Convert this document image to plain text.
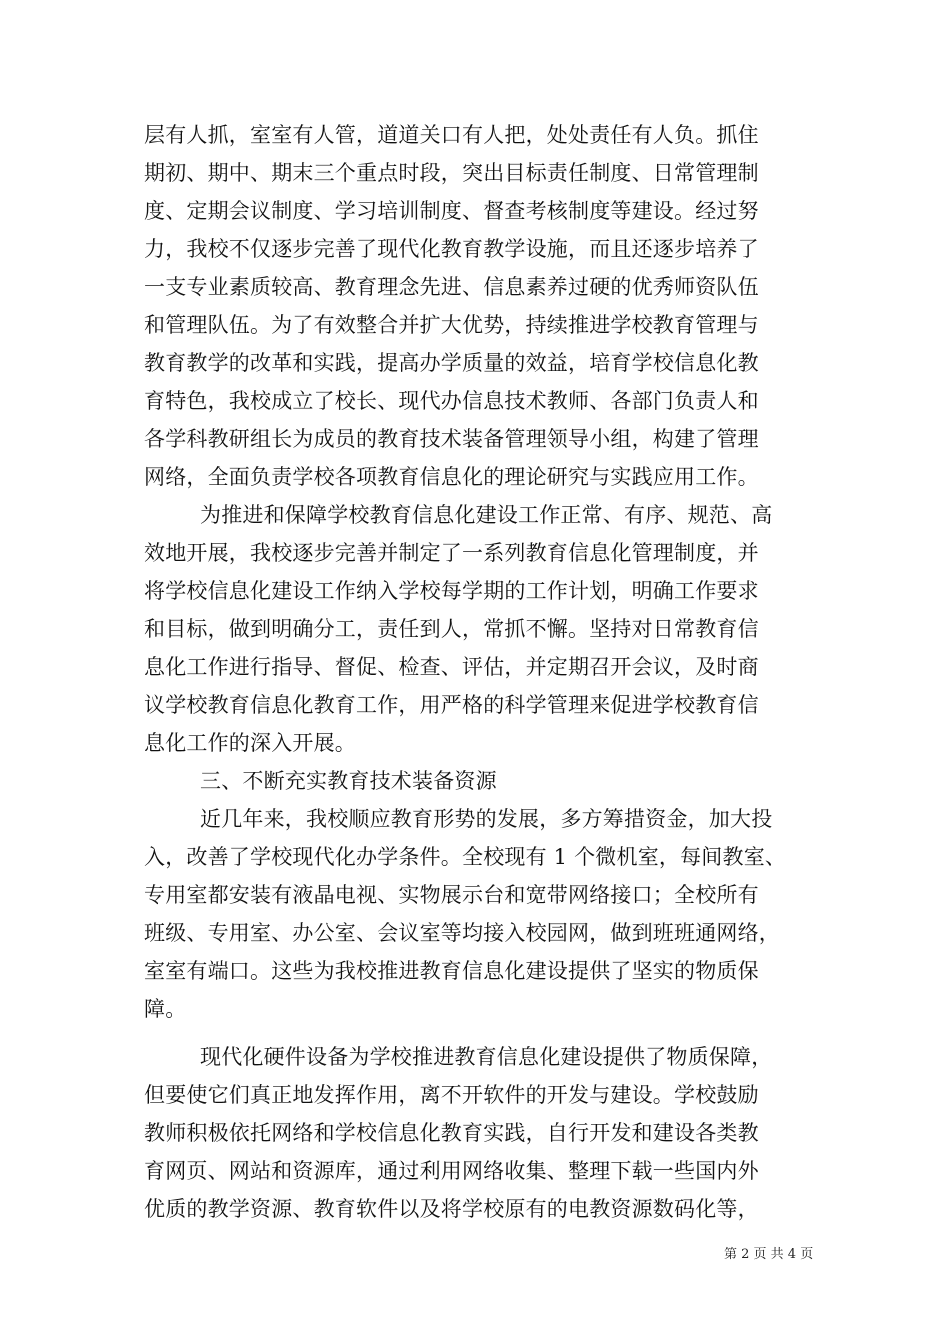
层有人抓，室室有人管，道道关口有人把，处处责任有人负。抓住
期初、期中、期末三个重点时段，突出目标责任制度、日常管理制
度、定期会议制度、学习培训制度、督查考核制度等建设。经过努
力，我校不仅逐步完善了现代化教育教学设施，而且还逐步培养了
一支专业素质较高、教育理念先进、信息素养过硬的优秀师资队伍
和管理队伍。为了有效整合并扩大优势，持续推进学校教育管理与
教育教学的改革和实践，提高办学质量的效益，培育学校信息化教
育特色，我校成立了校长、现代办信息技术教师、各部门负责人和
各学科教研组长为成员的教育技术装备管理领导小组，构建了管理
网络，全面负责学校各项教育信息化的理论研究与实践应用工作。
为推进和保障学校教育信息化建设工作正常、有序、规范、高
效地开展，我校逐步完善并制定了一系列教育信息化管理制度，并
将学校信息化建设工作纳入学校每学期的工作计划，明确工作要求
和目标，做到明确分工，责任到人，常抓不懈。坚持对日常教育信
息化工作进行指导、督促、检查、评估，并定期召开会议，及时商
议学校教育信息化教育工作，用严格的科学管理来促进学校教育信
息化工作的深入开展。
三、不断充实教育技术装备资源
近几年来，我校顺应教育形势的发展，多方筹措资金，加大投
入，改善了学校现代化办学条件。全校现有 1 个微机室，每间教室、
专用室都安装有液晶电视、实物展示台和宽带网络接口；全校所有
班级、专用室、办公室、会议室等均接入校园网，做到班班通网络，
室室有端口。这些为我校推进教育信息化建设提供了坚实的物质保
障。
现代化硬件设备为学校推进教育信息化建设提供了物质保障，
但要使它们真正地发挥作用，离不开软件的开发与建设。学校鼓励
教师积极依托网络和学校信息化教育实践，自行开发和建设各类教
育网页、网站和资源库，通过利用网络收集、整理下载一些国内外
优质的教学资源、教育软件以及将学校原有的电教资源数码化等，
第 2 页 共 4 页
